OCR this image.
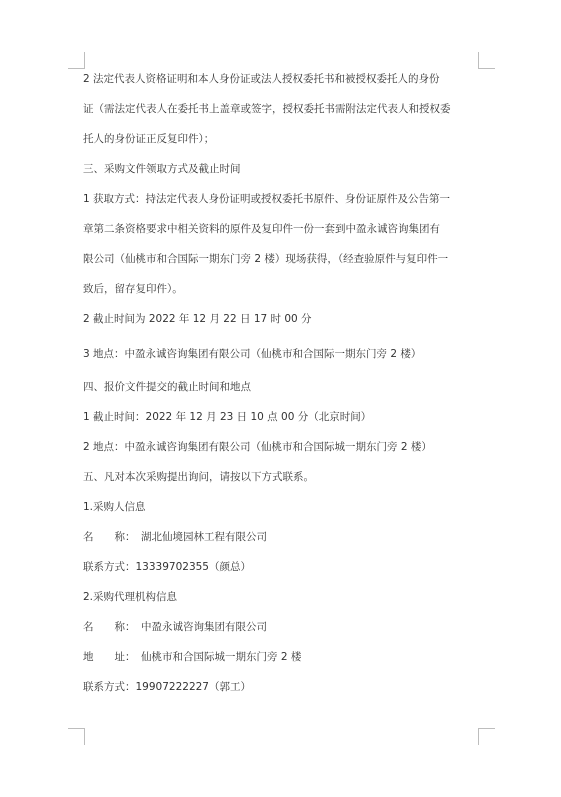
2 法定代表人资格证明和本人身份证或法人授权委托书和被授权委托人的身份
证（需法定代表人在委托书上盖章或签字，授权委托书需附法定代表人和授权委
托人的身份证正反复印件）；
三、采购文件领取方式及截止时间
1 获取方式：持法定代表人身份证明或授权委托书原件、身份证原件及公告第一
章第二条资格要求中相关资料的原件及复印件一份一套到中盈永诚咨询集团有
限公司（仙桃市和合国际一期东门旁 2 楼）现场获得，（经查验原件与复印件一
致后，留存复印件）。
2 截止时间为 2022 年 12 月 22 日 17 时 00 分
3 地点：中盈永诚咨询集团有限公司（仙桃市和合国际一期东门旁 2 楼）
四、报价文件提交的截止时间和地点
1 截止时间：2022 年 12 月 23 日 10 点 00 分（北京时间）
2 地点：中盈永诚咨询集团有限公司（仙桃市和合国际城一期东门旁 2 楼）
五、凡对本次采购提出询问，请按以下方式联系。
1.采购人信息
名　　称： 湖北仙境园林工程有限公司
联系方式：13339702355（颜总）
2.采购代理机构信息
名　　称： 中盈永诚咨询集团有限公司
地　　址： 仙桃市和合国际城一期东门旁 2 楼
联系方式：19907222227（郭工）
